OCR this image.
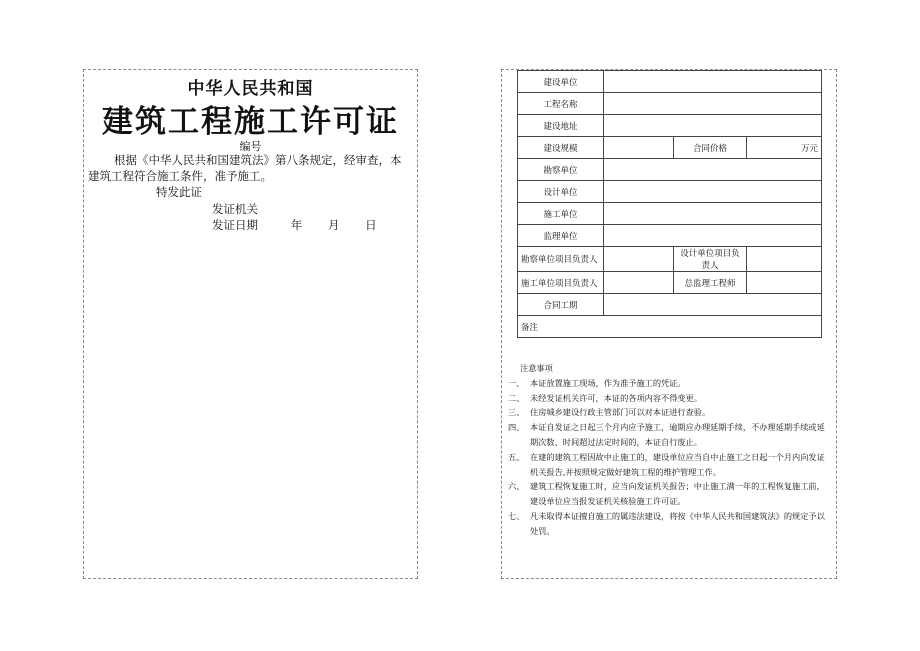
中华人民共和国
建筑工程施工许可证
编号
根据《中华人民共和国建筑法》第八条规定，经审查，本建筑工程符合施工条件，准予施工。
特发此证
发证机关
发证日期	年 月 日
建设单位			
工程名称			
建设地址			
建设规模		合同价格	万元
勘察单位			
设计单位			
施工单位			
监理单位			
勘察单位项目负责人		设计单位项目负责人	
施工单位项目负责人		总监理工程师	
合同工期			
备注			
注意事项
一、 本证放置施工现场，作为准予施工的凭证。
二、 未经发证机关许可，本证的各项内容不得变更。
三、 住房城乡建设行政主管部门可以对本证进行查验。
四、 本证自发证之日起三个月内应予施工，逾期应办理延期手续，不办理延期手续或延期次数、时间超过法定时间的，本证自行废止。
五、 在建的建筑工程因故中止施工的，建设单位应当自中止施工之日起一个月内向发证机关报告,并按照规定做好建筑工程的维护管理工作。
六、 建筑工程恢复施工时，应当向发证机关报告；中止施工满一年的工程恢复施工前,建设单位应当报发证机关核验施工许可证。
七、 凡未取得本证擅自施工的属违法建设，将按《中华人民共和国建筑法》的规定予以处罚。
